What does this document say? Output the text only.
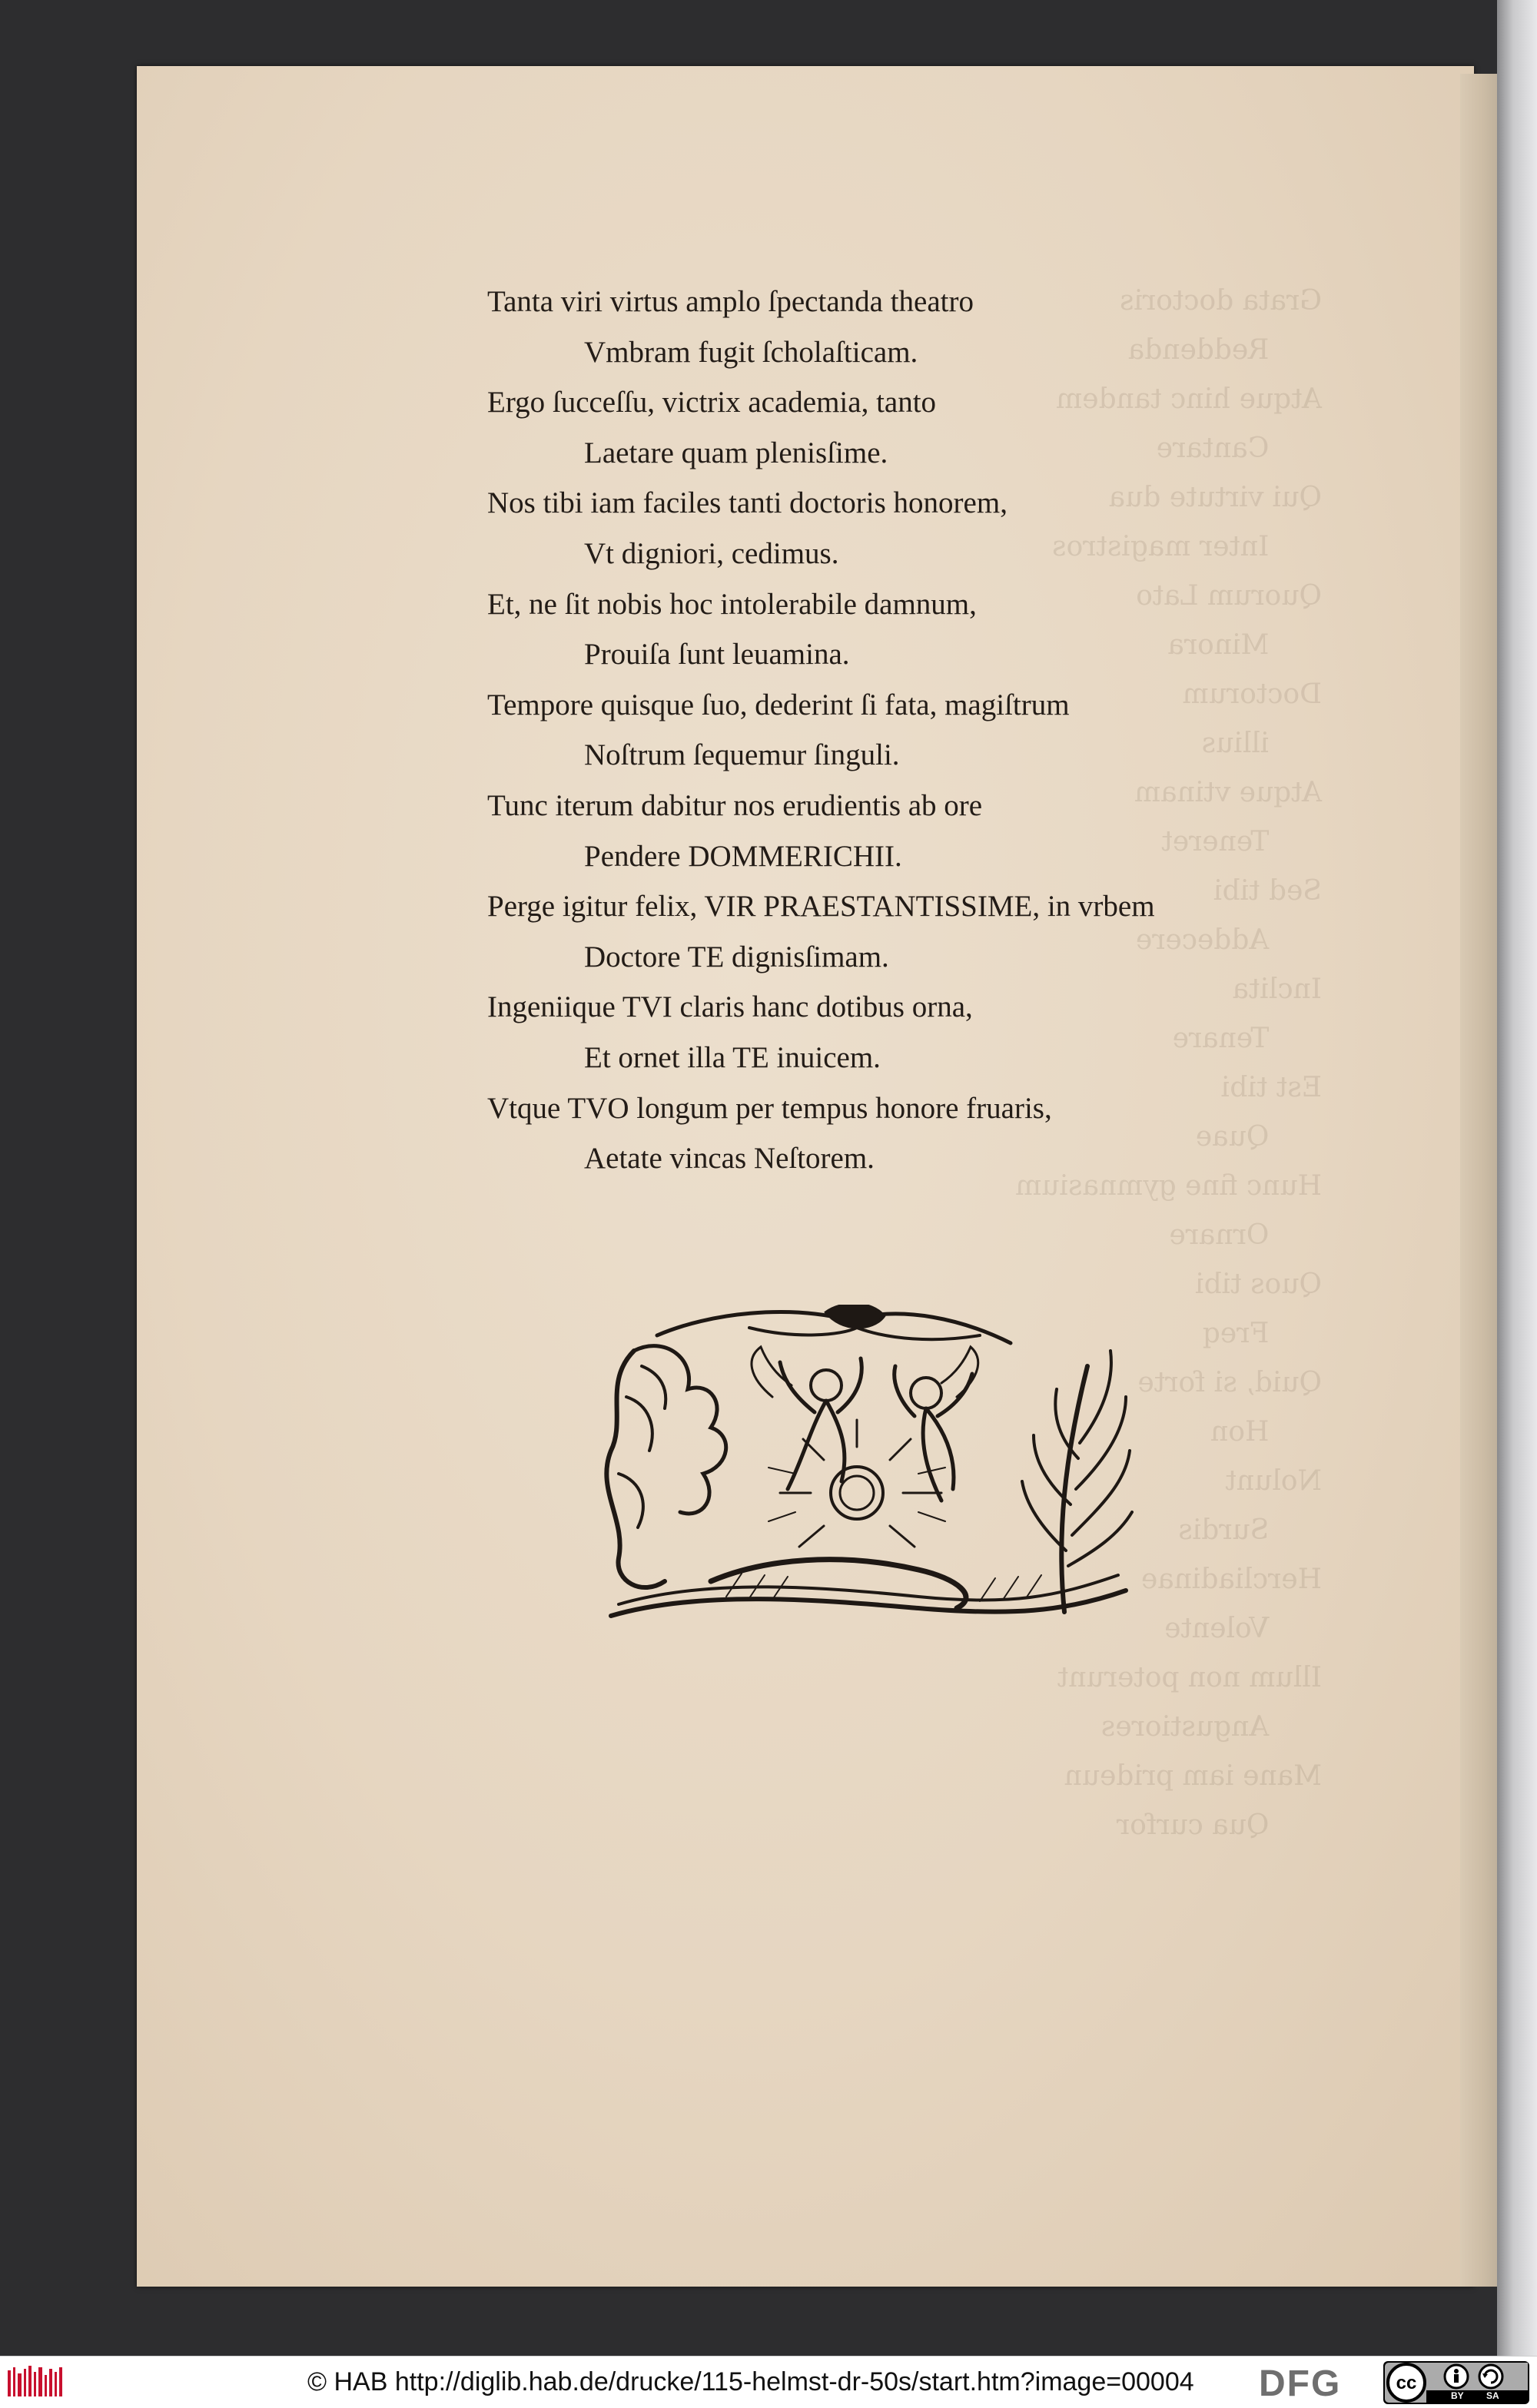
Tanta viri virtus amplo ſpectanda theatro
Vmbram fugit ſcholaſticam.
Ergo ſucceſſu, victrix academia, tanto
Laetare quam plenisſime.
Nos tibi iam faciles tanti doctoris honorem,
Vt digniori, cedimus.
Et, ne ſit nobis hoc intolerabile damnum,
Prouiſa ſunt leuamina.
Tempore quisque ſuo, dederint ſi fata, magiſtrum
Noſtrum ſequemur ſinguli.
Tunc iterum dabitur nos erudientis ab ore
Pendere DOMMERICHII.
Perge igitur felix, VIR PRAESTANTISSIME, in vrbem
Doctore TE dignisſimam.
Ingeniique TVI claris hanc dotibus orna,
Et ornet illa TE inuicem.
Vtque TVO longum per tempus honore fruaris,
Aetate vincas Neſtorem.
© HAB http://diglib.hab.de/drucke/115-helmst-dr-50s/start.htm?image=00004 DFG	cc
BY SA
